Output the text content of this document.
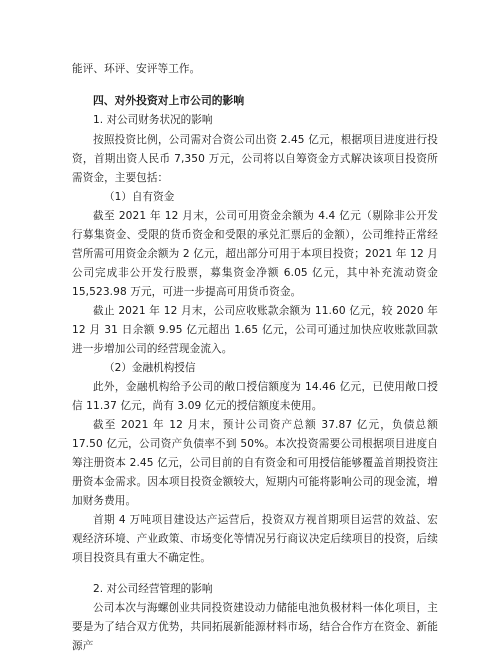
能评、环评、安评等工作。

四、对外投资对上市公司的影响

1. 对公司财务状况的影响

按照投资比例，公司需对合资公司出资 2.45 亿元，根据项目进度进行投资，首期出资人民币 7,350 万元，公司将以自筹资金方式解决该项目投资所需资金，主要包括：

（1）自有资金

截至 2021 年 12 月末，公司可用资金余额为 4.4 亿元（剔除非公开发行募集资金、受限的货币资金和受限的承兑汇票后的金额），公司维持正常经营所需可用资金余额为 2 亿元，超出部分可用于本项目投资；2021 年 12 月公司完成非公开发行股票，募集资金净额 6.05 亿元，其中补充流动资金 15,523.98 万元，可进一步提高可用货币资金。

截止 2021 年 12 月末，公司应收账款余额为 11.60 亿元，较 2020 年 12 月 31 日余额 9.95 亿元超出 1.65 亿元，公司可通过加快应收账款回款进一步增加公司的经营现金流入。

（2）金融机构授信

此外，金融机构给予公司的敞口授信额度为 14.46 亿元，已使用敞口授信 11.37 亿元，尚有 3.09 亿元的授信额度未使用。

截至 2021 年 12 月末，预计公司资产总额 37.87 亿元，负债总额 17.50 亿元，公司资产负债率不到 50%。本次投资需要公司根据项目进度自筹注册资本 2.45 亿元，公司目前的自有资金和可用授信能够覆盖首期投资注册资本金需求。因本项目投资金额较大，短期内可能将影响公司的现金流，增加财务费用。

首期 4 万吨项目建设达产运营后，投资双方视首期项目运营的效益、宏观经济环境、产业政策、市场变化等情况另行商议决定后续项目的投资，后续项目投资具有重大不确定性。

2. 对公司经营管理的影响

公司本次与海螺创业共同投资建设动力储能电池负极材料一体化项目，主要是为了结合双方优势，共同拓展新能源材料市场，结合合作方在资金、新能源产
